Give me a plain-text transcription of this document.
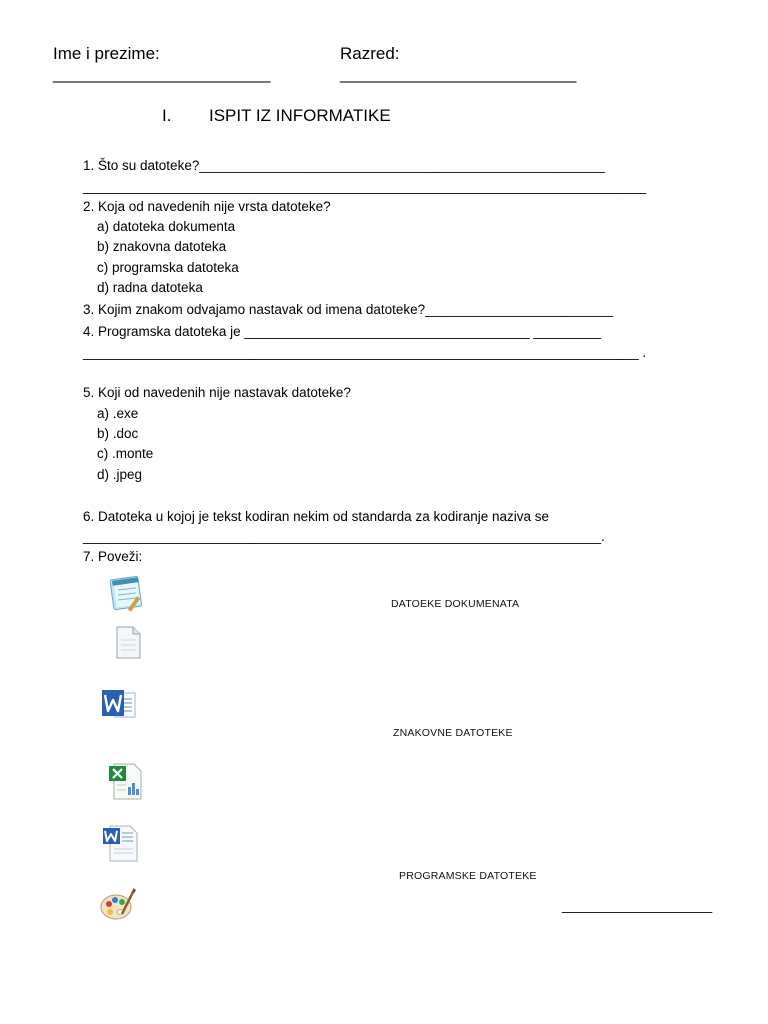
Ime i prezime:
_______________________
Razred:
_________________________
I. ISPIT IZ INFORMATIKE
1. Što su datoteke?______________________________________________________
___________________________________________________________________________
2. Koja od navedenih nije vrsta datoteke?
a) datoteka dokumenta
b) znakovna datoteka
c) programska datoteka
d) radna datoteka
3. Kojim znakom odvajamo nastavak od imena datoteke?_________________________
4. Programska datoteka je ______________________________________ _________
__________________________________________________________________________ .
5. Koji od navedenih nije nastavak datoteke?
a) .exe
b) .doc
c) .monte
d) .jpeg
6. Datoteka u kojoj je tekst kodiran nekim od standarda za kodiranje naziva se
_____________________________________________________________________.
7. Poveži:
DATOEKE DOKUMENATA
ZNAKOVNE DATOTEKE
PROGRAMSKE DATOTEKE
____________________
